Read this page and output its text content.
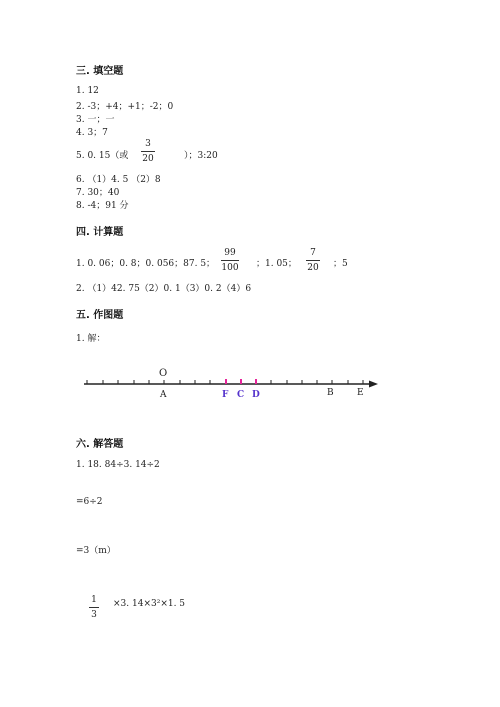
三. 填空题
1. 12
2. -3；+4；+1；-2；0
3. 一；一
4. 3；7
5. 0. 15（或
3
20	）；3:20
6. （1）4. 5 （2）8
7. 30；40
8. -4；91 分
四. 计算题
1. 0. 06；0. 8；0. 056；87. 5；
99
100 ；1. 05；
7
20 ；5
2. （1）42. 75（2）0. 1（3）0. 2（4）6
五. 作图题
1. 解：
O
A	F C D	B	E
六. 解答题
1. 18. 84÷3. 14÷2
=6÷2
=3（m）
1
3
×3. 14×3²×1. 5
